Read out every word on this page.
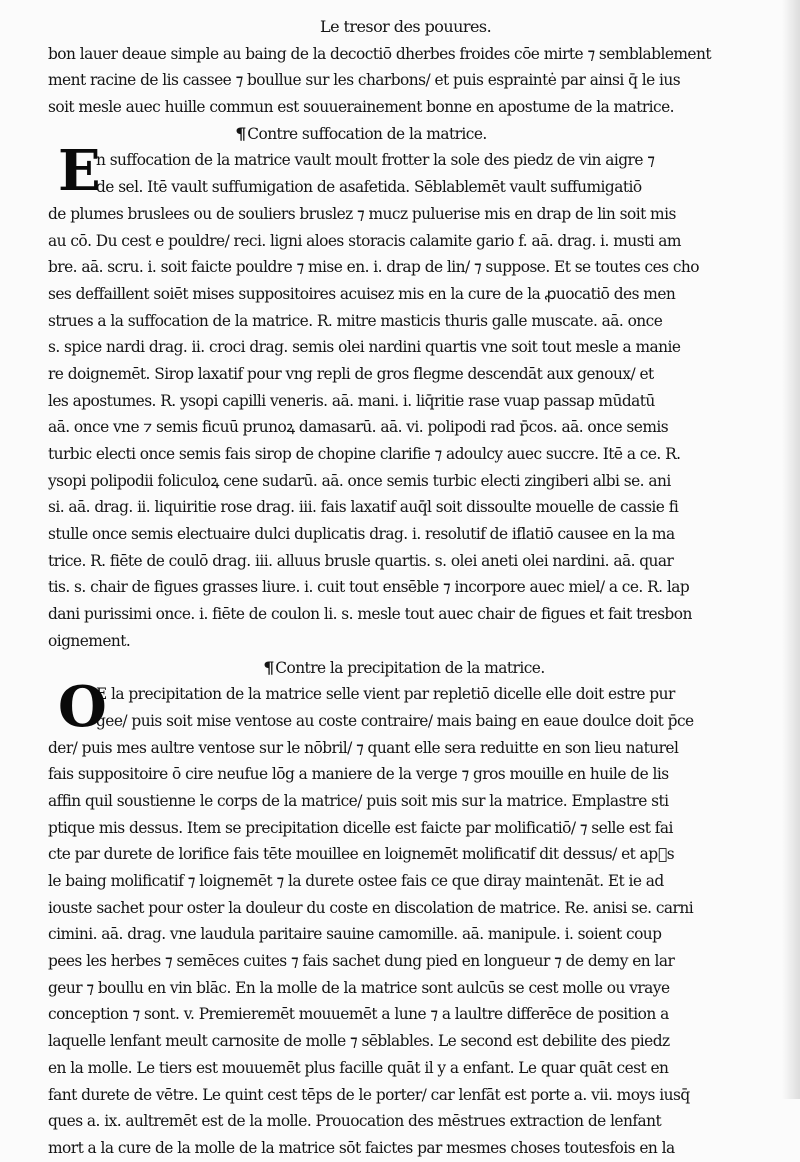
Le tresor des pouures.
bon lauer deaue simple au baing de la decoctiō dherbes froides cōe mirte ⁊ semblablement
ment racine de lis cassee ⁊ boullue sur les charbons/ et puis espraintė par ainsi q̄ le ius
soit mesle auec huille commun est souuerainement bonne en apostume de la matrice.
¶Contre suffocation de la matrice.
E
n suffocation de la matrice vault moult frotter la sole des piedz de vin aigre ⁊
de sel. Itē vault suffumigation de asafetida. Sēblablemēt vault suffumigatiō
de plumes bruslees ou de souliers bruslez ⁊ mucz puluerise mis en drap de lin soit mis
au cō. Du cest e pouldre/ reci. ligni aloes storacis calamite gario f. aā. drag. i. musti am
bre. aā. scru. i. soit faicte pouldre ⁊ mise en. i. drap de lin/ ⁊ suppose. Et se toutes ces cho
ses deffaillent soiēt mises suppositoires acuisez mis en la cure de la ꝓuocatiō des men
strues a la suffocation de la matrice. R. mitre masticis thuris galle muscate. aā. once
s. spice nardi drag. ii. croci drag. semis olei nardini quartis vne soit tout mesle a manie
re doignemēt. Sirop laxatif pour vng repli de gros flegme descendāt aux genoux/ et
les apostumes. R. ysopi capilli veneris. aā. mani. i. liq̄ritie rase vuap passap mūdatū
aā. once vne ⁊ semis ficuū prunoꝝ damasarū. aā. vi. polipodi rad p̄cos. aā. once semis
turbic electi once semis fais sirop de chopine clarifie ⁊ adoulcy auec succre. Itē a ce. R.
ysopi polipodii foliculoꝝ cene sudarū. aā. once semis turbic electi zingiberi albi se. ani
si. aā. drag. ii. liquiritie rose drag. iii. fais laxatif auq̄l soit dissoulte mouelle de cassie fi
stulle once semis electuaire dulci duplicatis drag. i. resolutif de iflatiō causee en la ma
trice. R. fiēte de coulō drag. iii. alluus brusle quartis. s. olei aneti olei nardini. aā. quar
tis. s. chair de figues grasses liure. i. cuit tout ensēble ⁊ incorpore auec miel/ a ce. R. lap
dani purissimi once. i. fiēte de coulon li. s. mesle tout auec chair de figues et fait tresbon
oignement.
¶Contre la precipitation de la matrice.
O
E la precipitation de la matrice selle vient par repletiō dicelle elle doit estre pur
gee/ puis soit mise ventose au coste contraire/ mais baing en eaue doulce doit p̄ce
der/ puis mes aultre ventose sur le nōbril/ ⁊ quant elle sera reduitte en son lieu naturel
fais suppositoire ō cire neufue lōg a maniere de la verge ⁊ gros mouille en huile de lis
affin quil soustienne le corps de la matrice/ puis soit mis sur la matrice. Emplastre sti
ptique mis dessus. Item se precipitation dicelle est faicte par molificatiō/ ⁊ selle est fai
cte par durete de lorifice fais tēte mouillee en loignemēt molificatif dit dessus/ et apᷣs
le baing molificatif ⁊ loignemēt ⁊ la durete ostee fais ce que diray maintenāt. Et ie ad
iouste sachet pour oster la douleur du coste en discolation de matrice. Re. anisi se. carni
cimini. aā. drag. vne laudula paritaire sauine camomille. aā. manipule. i. soient coup
pees les herbes ⁊ semēces cuites ⁊ fais sachet dung pied en longueur ⁊ de demy en lar
geur ⁊ boullu en vin blāc. En la molle de la matrice sont aulcūs se cest molle ou vraye
conception ⁊ sont. v. Premieremēt mouuemēt a lune ⁊ a laultre differēce de position a
laquelle lenfant meult carnosite de molle ⁊ sēblables. Le second est debilite des piedz
en la molle. Le tiers est mouuemēt plus facille quāt il y a enfant. Le quar quāt cest en
fant durete de vētre. Le quint cest tēps de le porter/ car lenfāt est porte a. vii. moys iusq̄
ques a. ix. aultremēt est de la molle. Prouocation des mēstrues extraction de lenfant
mort a la cure de la molle de la matrice sōt faictes par mesmes choses toutesfois en la
